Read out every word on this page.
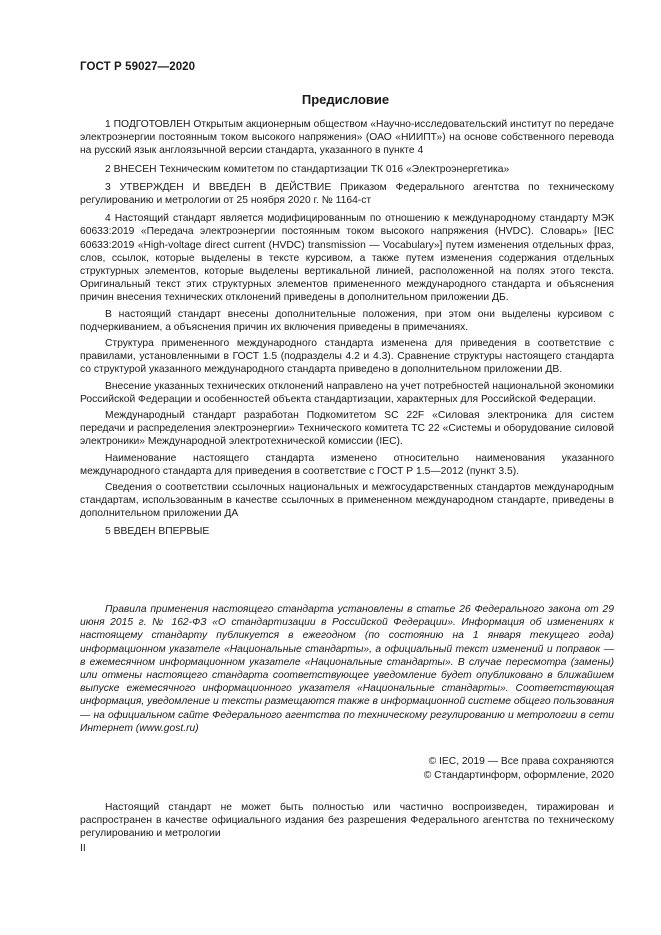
ГОСТ Р 59027—2020
Предисловие

1 ПОДГОТОВЛЕН Открытым акционерным обществом «Научно-исследовательский институт по передаче электроэнергии постоянным током высокого напряжения» (ОАО «НИИПТ») на основе собственного перевода на русский язык англоязычной версии стандарта, указанного в пункте 4

2 ВНЕСЕН Техническим комитетом по стандартизации ТК 016 «Электроэнергетика»

3 УТВЕРЖДЕН И ВВЕДЕН В ДЕЙСТВИЕ Приказом Федерального агентства по техническому регулированию и метрологии от 25 ноября 2020 г. № 1164-ст

4 Настоящий стандарт является модифицированным по отношению к международному стандарту МЭК 60633:2019 «Передача электроэнергии постоянным током высокого напряжения (HVDC). Словарь» [IEC 60633:2019 «High-voltage direct current (HVDC) transmission — Vocabulary»] путем изменения отдельных фраз, слов, ссылок, которые выделены в тексте курсивом, а также путем изменения содержания отдельных структурных элементов, которые выделены вертикальной линией, расположенной на полях этого текста. Оригинальный текст этих структурных элементов примененного международного стандарта и объяснения причин внесения технических отклонений приведены в дополнительном приложении ДБ.

В настоящий стандарт внесены дополнительные положения, при этом они выделены курсивом с подчеркиванием, а объяснения причин их включения приведены в примечаниях.

Структура примененного международного стандарта изменена для приведения в соответствие с правилами, установленными в ГОСТ 1.5 (подразделы 4.2 и 4.3). Сравнение структуры настоящего стандарта со структурой указанного международного стандарта приведено в дополнительном приложении ДВ.

Внесение указанных технических отклонений направлено на учет потребностей национальной экономики Российской Федерации и особенностей объекта стандартизации, характерных для Российской Федерации.

Международный стандарт разработан Подкомитетом SC 22F «Силовая электроника для систем передачи и распределения электроэнергии» Технического комитета ТС 22 «Системы и оборудование силовой электроники» Международной электротехнической комиссии (IEC).

Наименование настоящего стандарта изменено относительно наименования указанного международного стандарта для приведения в соответствие с ГОСТ Р 1.5—2012 (пункт 3.5).

Сведения о соответствии ссылочных национальных и межгосударственных стандартов международным стандартам, использованным в качестве ссылочных в примененном международном стандарте, приведены в дополнительном приложении ДА

5 ВВЕДЕН ВПЕРВЫЕ

Правила применения настоящего стандарта установлены в статье 26 Федерального закона от 29 июня 2015 г. № 162-ФЗ «О стандартизации в Российской Федерации». Информация об изменениях к настоящему стандарту публикуется в ежегодном (по состоянию на 1 января текущего года) информационном указателе «Национальные стандарты», а официальный текст изменений и поправок — в ежемесячном информационном указателе «Национальные стандарты». В случае пересмотра (замены) или отмены настоящего стандарта соответствующее уведомление будет опубликовано в ближайшем выпуске ежемесячного информационного указателя «Национальные стандарты». Соответствующая информация, уведомление и тексты размещаются также в информационной системе общего пользования — на официальном сайте Федерального агентства по техническому регулированию и метрологии в сети Интернет (www.gost.ru)

© IEC, 2019 — Все права сохраняются
© Стандартинформ, оформление, 2020

Настоящий стандарт не может быть полностью или частично воспроизведен, тиражирован и распространен в качестве официального издания без разрешения Федерального агентства по техническому регулированию и метрологии

II
